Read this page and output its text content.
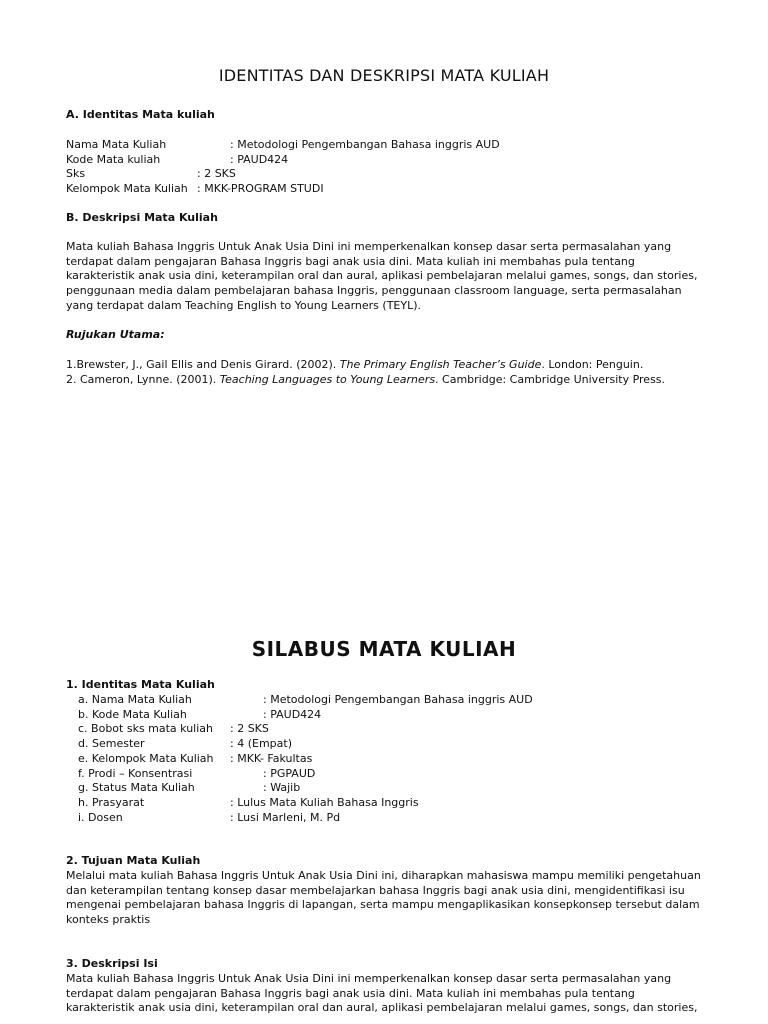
IDENTITAS DAN DESKRIPSI MATA KULIAH
A. Identitas Mata kuliah
Nama Mata Kuliah	: Metodologi Pengembangan Bahasa inggris AUD
Kode Mata kuliah	: PAUD424
Sks	: 2 SKS
Kelompok Mata Kuliah : MKK-PROGRAM STUDI
B. Deskripsi Mata Kuliah
Mata kuliah Bahasa Inggris Untuk Anak Usia Dini ini memperkenalkan konsep dasar serta permasalahan yang
terdapat dalam pengajaran Bahasa Inggris bagi anak usia dini. Mata kuliah ini membahas pula tentang
karakteristik anak usia dini, keterampilan oral dan aural, aplikasi pembelajaran melalui games, songs, dan stories,
penggunaan media dalam pembelajaran bahasa Inggris, penggunaan classroom language, serta permasalahan
yang terdapat dalam Teaching English to Young Learners (TEYL).
Rujukan Utama:
1.Brewster, J., Gail Ellis and Denis Girard. (2002). The Primary English Teacher’s Guide. London: Penguin.
2. Cameron, Lynne. (2001). Teaching Languages to Young Learners. Cambridge: Cambridge University Press.
SILABUS MATA KULIAH
1. Identitas Mata Kuliah
a. Nama Mata Kuliah	: Metodologi Pengembangan Bahasa inggris AUD
b. Kode Mata Kuliah	: PAUD424
c. Bobot sks mata kuliah : 2 SKS
d. Semester	: 4 (Empat)
e. Kelompok Mata Kuliah : MKK- Fakultas
f. Prodi – Konsentrasi	: PGPAUD
g. Status Mata Kuliah	: Wajib
h. Prasyarat	: Lulus Mata Kuliah Bahasa Inggris
i. Dosen	: Lusi Marleni, M. Pd
2. Tujuan Mata Kuliah
Melalui mata kuliah Bahasa Inggris Untuk Anak Usia Dini ini, diharapkan mahasiswa mampu memiliki pengetahuan
dan keterampilan tentang konsep dasar membelajarkan bahasa Inggris bagi anak usia dini, mengidentifikasi isu
mengenai pembelajaran bahasa Inggris di lapangan, serta mampu mengaplikasikan konsepkonsep tersebut dalam
konteks praktis
3. Deskripsi Isi
Mata kuliah Bahasa Inggris Untuk Anak Usia Dini ini memperkenalkan konsep dasar serta permasalahan yang
terdapat dalam pengajaran Bahasa Inggris bagi anak usia dini. Mata kuliah ini membahas pula tentang
karakteristik anak usia dini, keterampilan oral dan aural, aplikasi pembelajaran melalui games, songs, dan stories,
